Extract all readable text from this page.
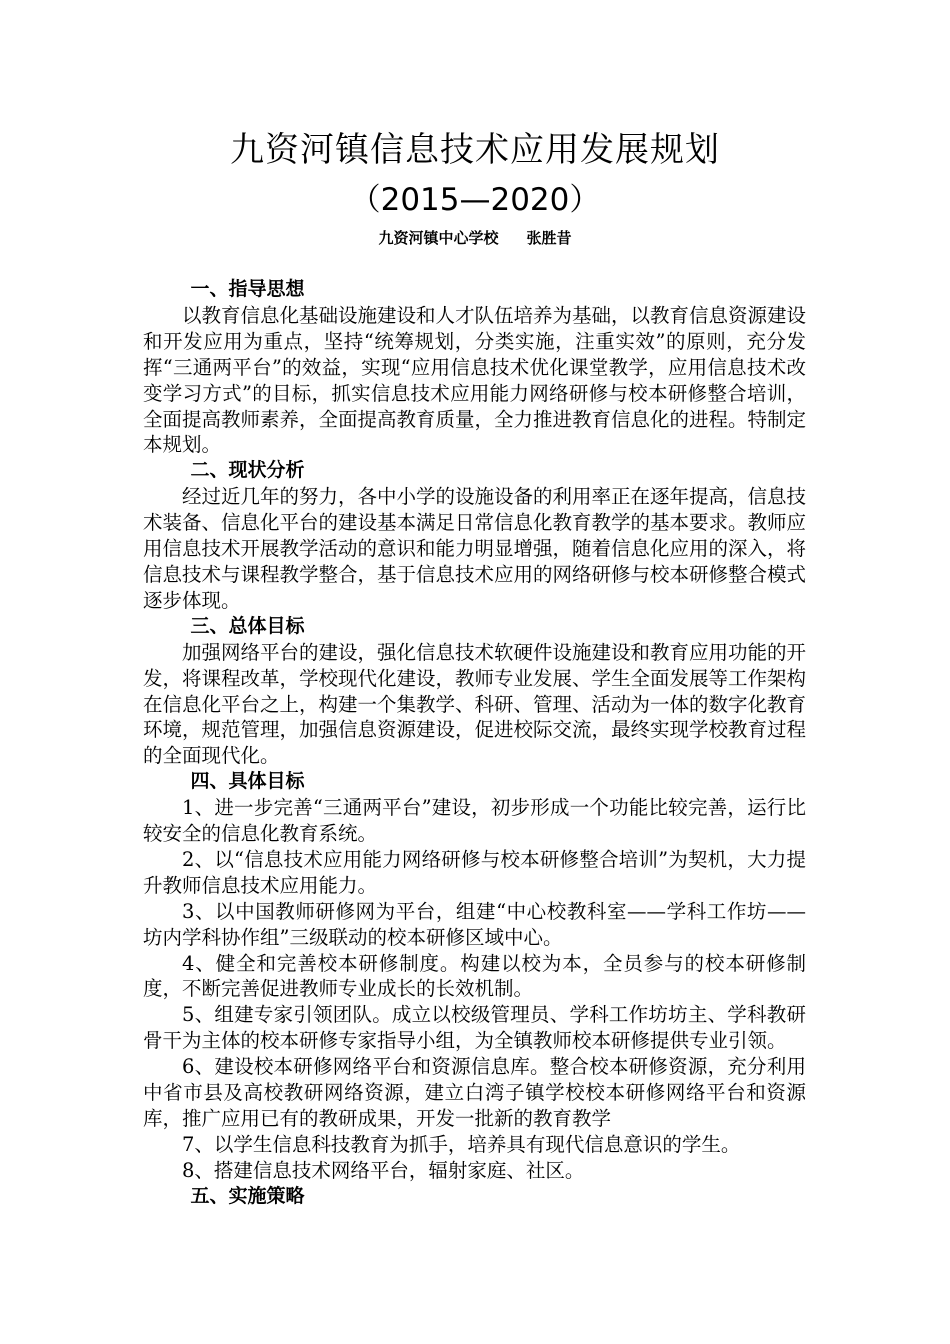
九资河镇信息技术应用发展规划
（2015—2020）
九资河镇中心学校 张胜昔
一、指导思想

以教育信息化基础设施建设和人才队伍培养为基础，以教育信息资源建设和开发应用为重点，坚持“统筹规划，分类实施，注重实效”的原则，充分发挥“三通两平台”的效益，实现“应用信息技术优化课堂教学，应用信息技术改变学习方式”的目标，抓实信息技术应用能力网络研修与校本研修整合培训，全面提高教师素养，全面提高教育质量，全力推进教育信息化的进程。特制定本规划。

二、现状分析

经过近几年的努力，各中小学的设施设备的利用率正在逐年提高，信息技术装备、信息化平台的建设基本满足日常信息化教育教学的基本要求。教师应用信息技术开展教学活动的意识和能力明显增强，随着信息化应用的深入，将信息技术与课程教学整合，基于信息技术应用的网络研修与校本研修整合模式逐步体现。

三、总体目标

加强网络平台的建设，强化信息技术软硬件设施建设和教育应用功能的开发，将课程改革，学校现代化建设，教师专业发展、学生全面发展等工作架构在信息化平台之上，构建一个集教学、科研、管理、活动为一体的数字化教育环境，规范管理，加强信息资源建设，促进校际交流，最终实现学校教育过程的全面现代化。

四、具体目标

1、进一步完善“三通两平台”建设，初步形成一个功能比较完善，运行比较安全的信息化教育系统。

2、以“信息技术应用能力网络研修与校本研修整合培训”为契机，大力提升教师信息技术应用能力。

3、以中国教师研修网为平台，组建“中心校教科室——学科工作坊——坊内学科协作组”三级联动的校本研修区域中心。

4、健全和完善校本研修制度。构建以校为本，全员参与的校本研修制度，不断完善促进教师专业成长的长效机制。

5、组建专家引领团队。成立以校级管理员、学科工作坊坊主、学科教研骨干为主体的校本研修专家指导小组，为全镇教师校本研修提供专业引领。

6、建设校本研修网络平台和资源信息库。整合校本研修资源，充分利用中省市县及高校教研网络资源，建立白湾子镇学校校本研修网络平台和资源库，推广应用已有的教研成果，开发一批新的教育教学

7、以学生信息科技教育为抓手，培养具有现代信息意识的学生。

8、搭建信息技术网络平台，辐射家庭、社区。

五、实施策略
